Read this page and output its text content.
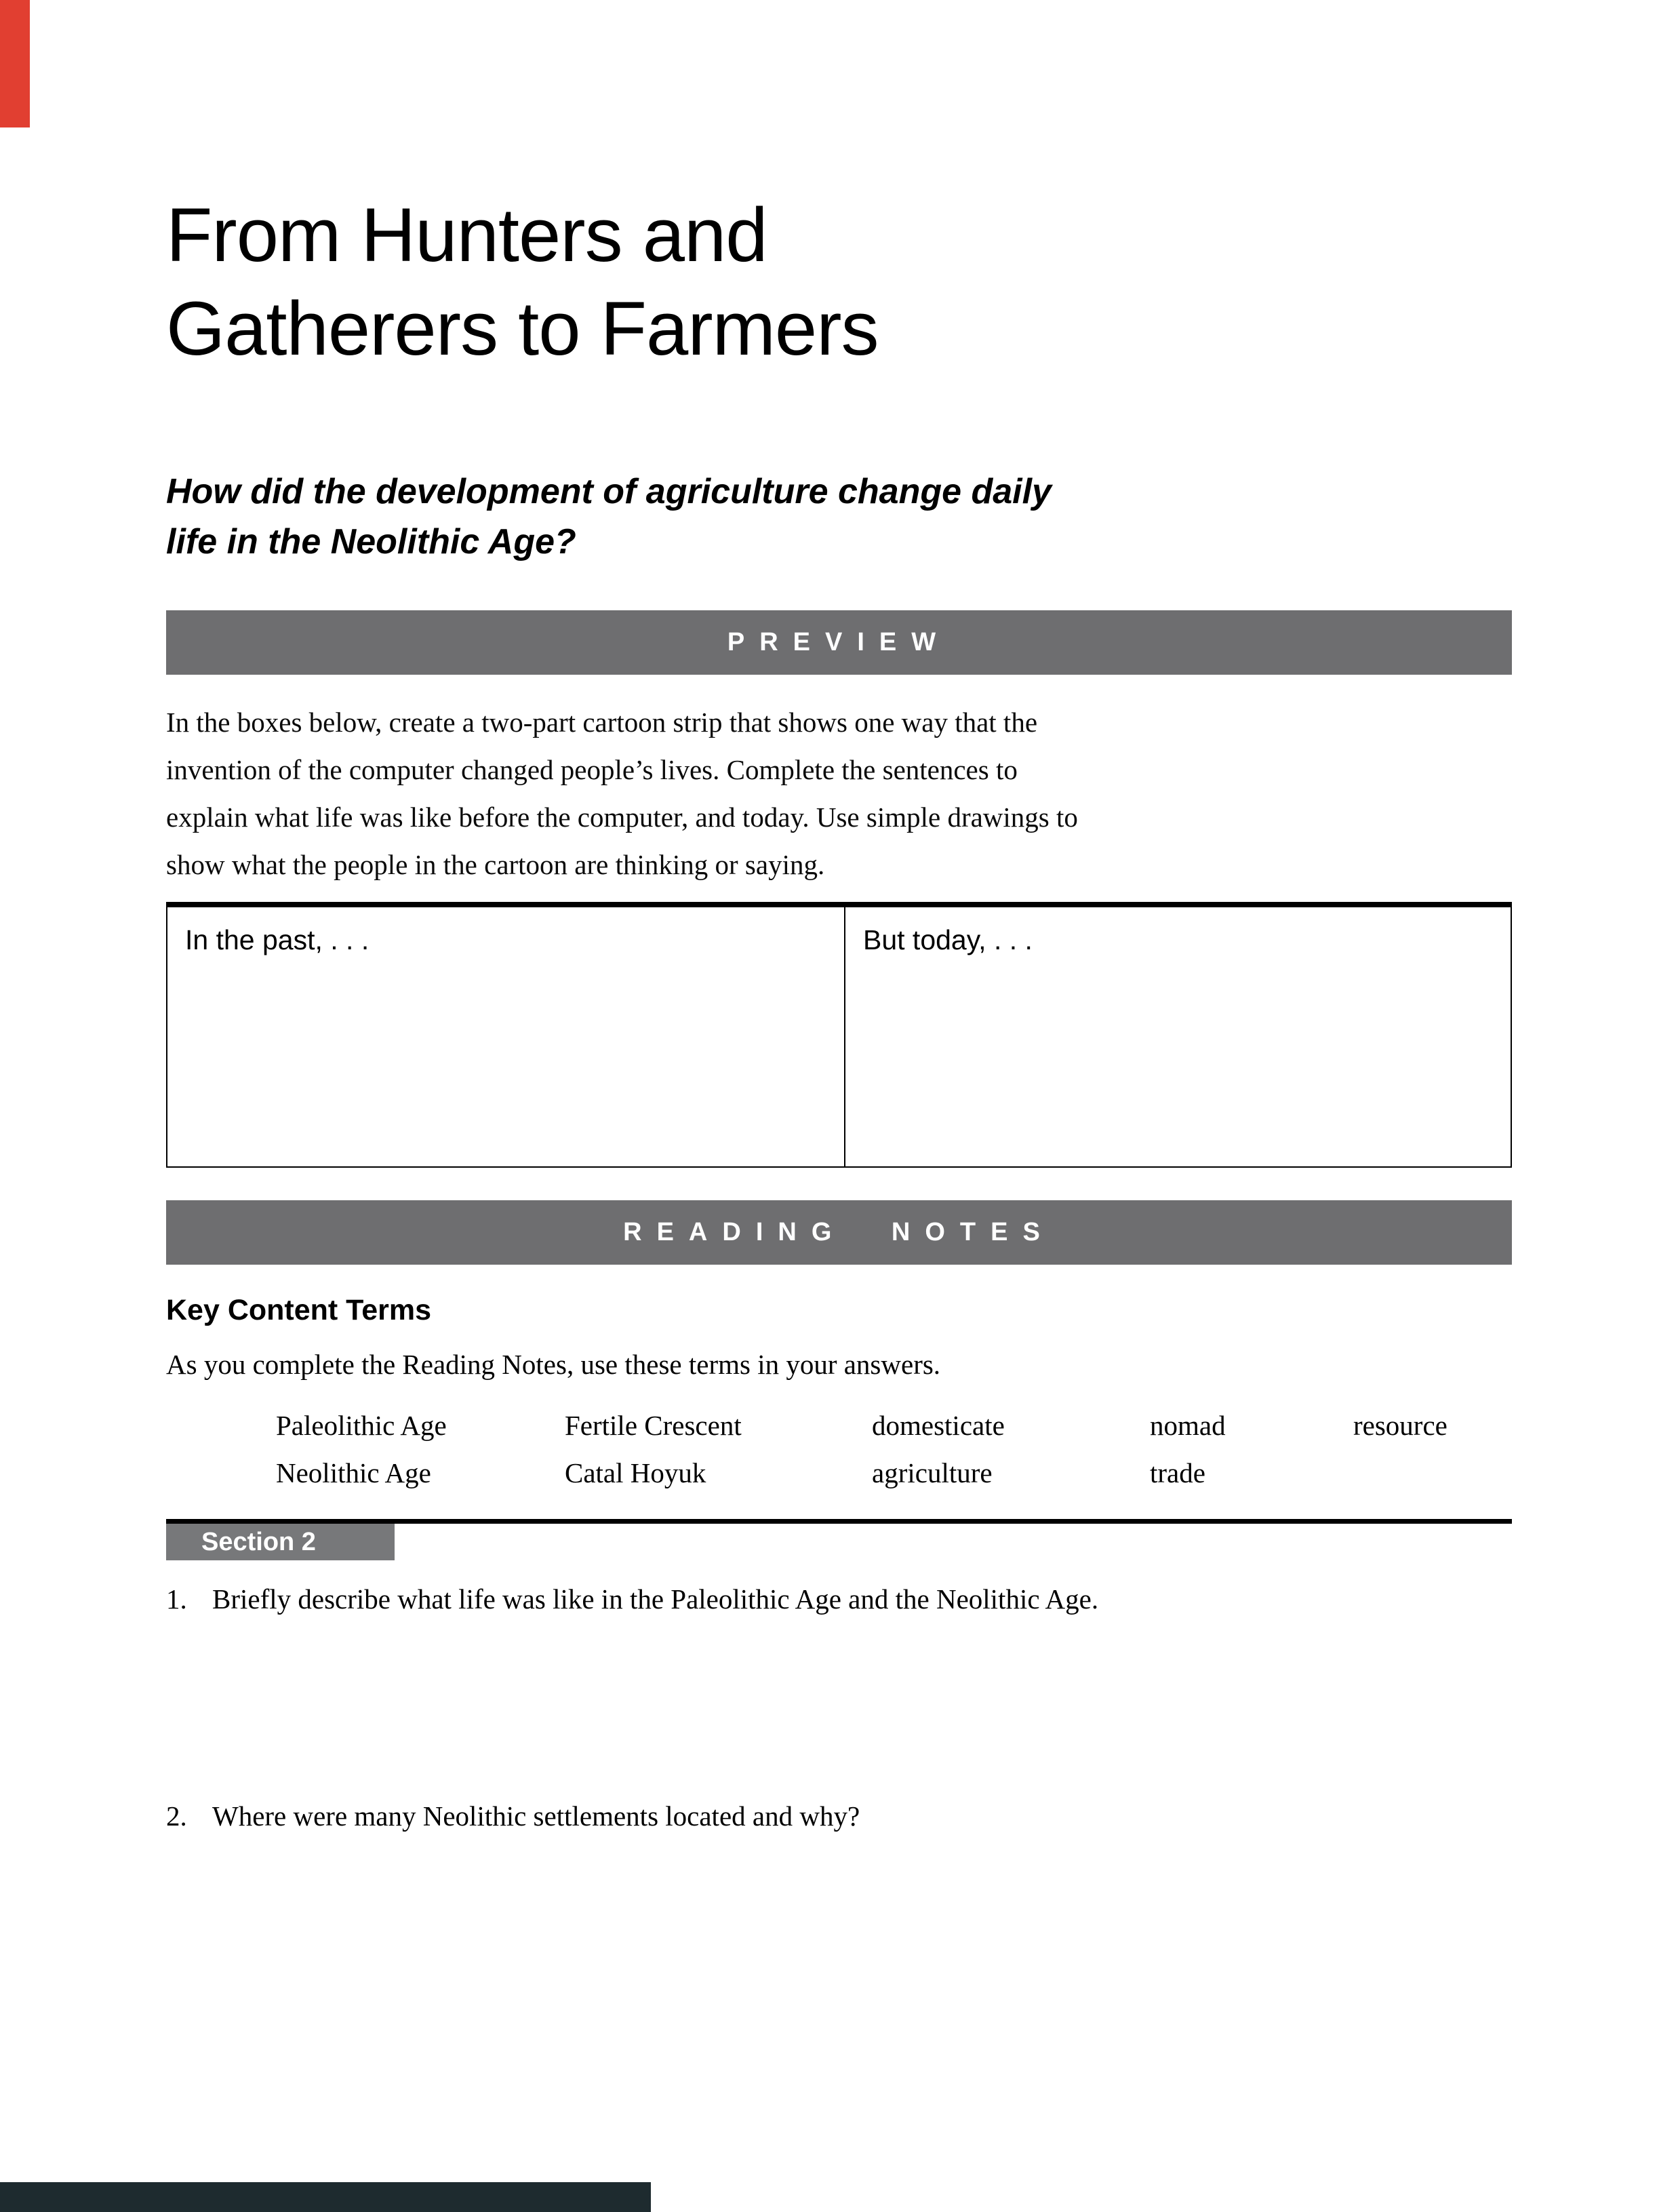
From Hunters and
Gatherers to Farmers
How did the development of agriculture change daily
life in the Neolithic Age?
PREVIEW
In the boxes below, create a two-part cartoon strip that shows one way that the
invention of the computer changed people’s lives. Complete the sentences to
explain what life was like before the computer, and today. Use simple drawings to
show what the people in the cartoon are thinking or saying.
In the past, . . .	But today, . . .
READING NOTES
Key Content Terms
As you complete the Reading Notes, use these terms in your answers.
Paleolithic Age	Fertile Crescent	domesticate	nomad	resource
Neolithic Age	Catal Hoyuk	agriculture	trade
Section 2
1. Briefly describe what life was like in the Paleolithic Age and the Neolithic Age.
2. Where were many Neolithic settlements located and why?
